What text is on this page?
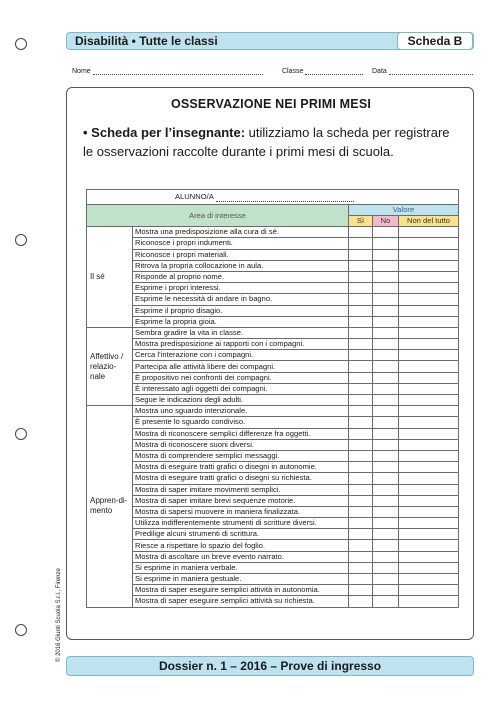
Disabilità • Tutte le classi	Scheda B
Nome	Classe	Data
OSSERVAZIONE NEI PRIMI MESI
• Scheda per l’insegnante: utilizziamo la scheda per registrare le osservazioni raccolte durante i primi mesi di scuola.
ALUNNO/A				
Area di interesse		Valore		
		Sì	No	Non del tutto
Il sé	Mostra una predisposizione alla cura di sé.			
	Riconosce i propri indumenti.			
	Riconosce i propri materiali.			
	Ritrova la propria collocazione in aula.			
	Risponde al proprio nome.			
	Esprime i propri interessi.			
	Esprime le necessità di andare in bagno.			
	Esprime il proprio disagio.			
	Esprime la propria gioia.			
Affettivo / relazio-nale	Sembra gradire la vita in classe.			
	Mostra predisposizione ai rapporti con i compagni.			
	Cerca l’interazione con i compagni.			
	Partecipa alle attività libere dei compagni.			
	È propositivo nei confronti dei compagni.			
	È interessato agli oggetti dei compagni.			
	Segue le indicazioni degli adulti.			
Appren-di-mento	Mostra uno sguardo intenzionale.			
	È presente lo sguardo condiviso.			
	Mostra di riconoscere semplici differenze fra oggetti.			
	Mostra di riconoscere suoni diversi.			
	Mostra di comprendere semplici messaggi.			
	Mostra di eseguire tratti grafici o disegni in autonomie.			
	Mostra di eseguire tratti grafici o disegni su richiesta.			
	Mostra di saper imitare movimenti semplici.			
	Mostra di saper imitare brevi sequenze motorie.			
	Mostra di sapersi muovere in maniera finalizzata.			
	Utilizza indifferentemente strumenti di scritture diversi.			
	Predilige alcuni strumenti di scrittura.			
	Riesce a rispettare lo spazio del foglio.			
	Mostra di ascoltare un breve evento narrato.			
	Si esprime in maniera verbale.			
	Si esprime in maniera gestuale.			
	Mostra di saper eseguire semplici attività in autonomia.			
	Mostra di saper eseguire semplici attività su richiesta.			
© 2016 Giunti Scuola S.r.l., Firenze
Dossier n. 1 – 2016 – Prove di ingresso
